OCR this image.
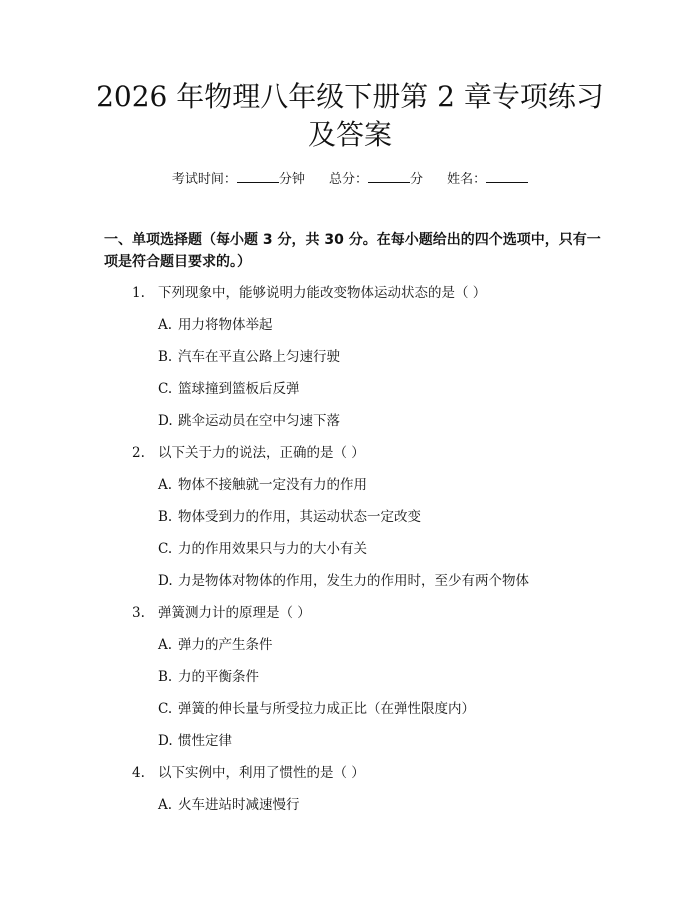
2026 年物理八年级下册第 2 章专项练习及答案
考试时间：	分钟 总分：	分 姓名：
一、单项选择题（每小题 3 分，共 30 分。在每小题给出的四个选项中，只有一项是符合题目要求的。）
1. 下列现象中，能够说明力能改变物体运动状态的是（ ）
A. 用力将物体举起
B. 汽车在平直公路上匀速行驶
C. 篮球撞到篮板后反弹
D. 跳伞运动员在空中匀速下落
2. 以下关于力的说法，正确的是（ ）
A. 物体不接触就一定没有力的作用
B. 物体受到力的作用，其运动状态一定改变
C. 力的作用效果只与力的大小有关
D. 力是物体对物体的作用，发生力的作用时，至少有两个物体
3. 弹簧测力计的原理是（ ）
A. 弹力的产生条件
B. 力的平衡条件
C. 弹簧的伸长量与所受拉力成正比（在弹性限度内）
D. 惯性定律
4. 以下实例中，利用了惯性的是（ ）
A. 火车进站时减速慢行
